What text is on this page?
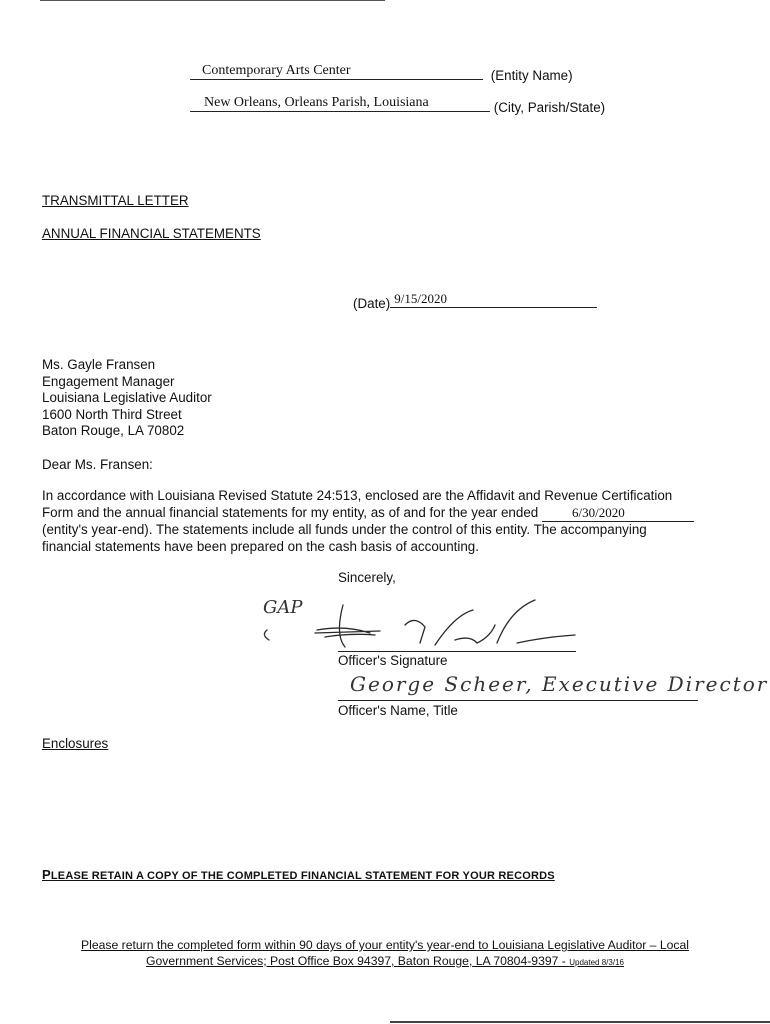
Contemporary Arts Center	(Entity Name)
New Orleans, Orleans Parish, Louisiana	(City, Parish/State)
TRANSMITTAL LETTER
ANNUAL FINANCIAL STATEMENTS
(Date) 9/15/2020
Ms. Gayle Fransen
Engagement Manager
Louisiana Legislative Auditor
1600 North Third Street
Baton Rouge, LA 70802
Dear Ms. Fransen:
In accordance with Louisiana Revised Statute 24:513, enclosed are the Affidavit and Revenue Certification
Form and the annual financial statements for my entity, as of and for the year ended	6/30/2020
(entity's year-end). The statements include all funds under the control of this entity. The accompanying
financial statements have been prepared on the cash basis of accounting.
Sincerely,
GAP
Officer's Signature
George Scheer, Executive Director
Officer's Name, Title
Enclosures
PLEASE RETAIN A COPY OF THE COMPLETED FINANCIAL STATEMENT FOR YOUR RECORDS
Please return the completed form within 90 days of your entity's year-end to Louisiana Legislative Auditor – Local
Government Services; Post Office Box 94397, Baton Rouge, LA 70804-9397 - Updated 8/3/16
